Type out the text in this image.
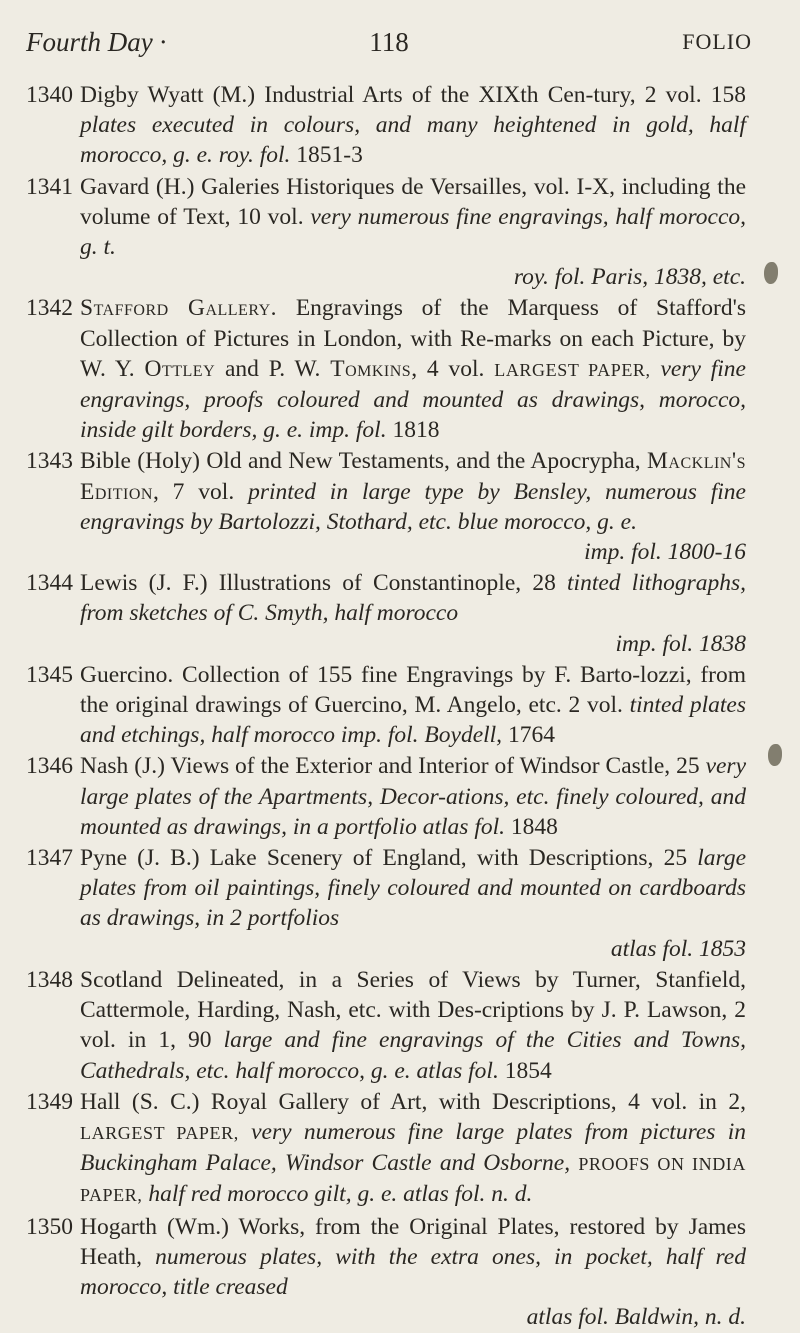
Fourth Day ·	118	FOLIO
1340 Digby Wyatt (M.) Industrial Arts of the XIXth Cen-tury, 2 vol. 158 plates executed in colours, and many heightened in gold, half morocco, g. e. roy. fol. 1851-3
1341 Gavard (H.) Galeries Historiques de Versailles, vol. I-X, including the volume of Text, 10 vol. very numerous fine engravings, half morocco, g. t.
roy. fol. Paris, 1838, etc.
1342 Stafford Gallery. Engravings of the Marquess of Stafford's Collection of Pictures in London, with Re-marks on each Picture, by W. Y. Ottley and P. W. Tomkins, 4 vol. LARGEST PAPER, very fine engravings, proofs coloured and mounted as drawings, morocco, inside gilt borders, g. e. imp. fol. 1818
1343 Bible (Holy) Old and New Testaments, and the Apocrypha, Macklin's Edition, 7 vol. printed in large type by Bensley, numerous fine engravings by Bartolozzi, Stothard, etc. blue morocco, g. e.
imp. fol. 1800-16
1344 Lewis (J. F.) Illustrations of Constantinople, 28 tinted lithographs, from sketches of C. Smyth, half morocco
imp. fol. 1838
1345 Guercino. Collection of 155 fine Engravings by F. Barto-lozzi, from the original drawings of Guercino, M. Angelo, etc. 2 vol. tinted plates and etchings, half morocco imp. fol. Boydell, 1764
1346 Nash (J.) Views of the Exterior and Interior of Windsor Castle, 25 very large plates of the Apartments, Decor-ations, etc. finely coloured, and mounted as drawings, in a portfolio atlas fol. 1848
1347 Pyne (J. B.) Lake Scenery of England, with Descriptions, 25 large plates from oil paintings, finely coloured and mounted on cardboards as drawings, in 2 portfolios
atlas fol. 1853
1348 Scotland Delineated, in a Series of Views by Turner, Stanfield, Cattermole, Harding, Nash, etc. with Des-criptions by J. P. Lawson, 2 vol. in 1, 90 large and fine engravings of the Cities and Towns, Cathedrals, etc. half morocco, g. e. atlas fol. 1854
1349 Hall (S. C.) Royal Gallery of Art, with Descriptions, 4 vol. in 2, LARGEST PAPER, very numerous fine large plates from pictures in Buckingham Palace, Windsor Castle and Osborne, PROOFS ON INDIA PAPER, half red morocco gilt, g. e. atlas fol. n. d.
1350 Hogarth (Wm.) Works, from the Original Plates, restored by James Heath, numerous plates, with the extra ones, in pocket, half red morocco, title creased
atlas fol. Baldwin, n. d.
